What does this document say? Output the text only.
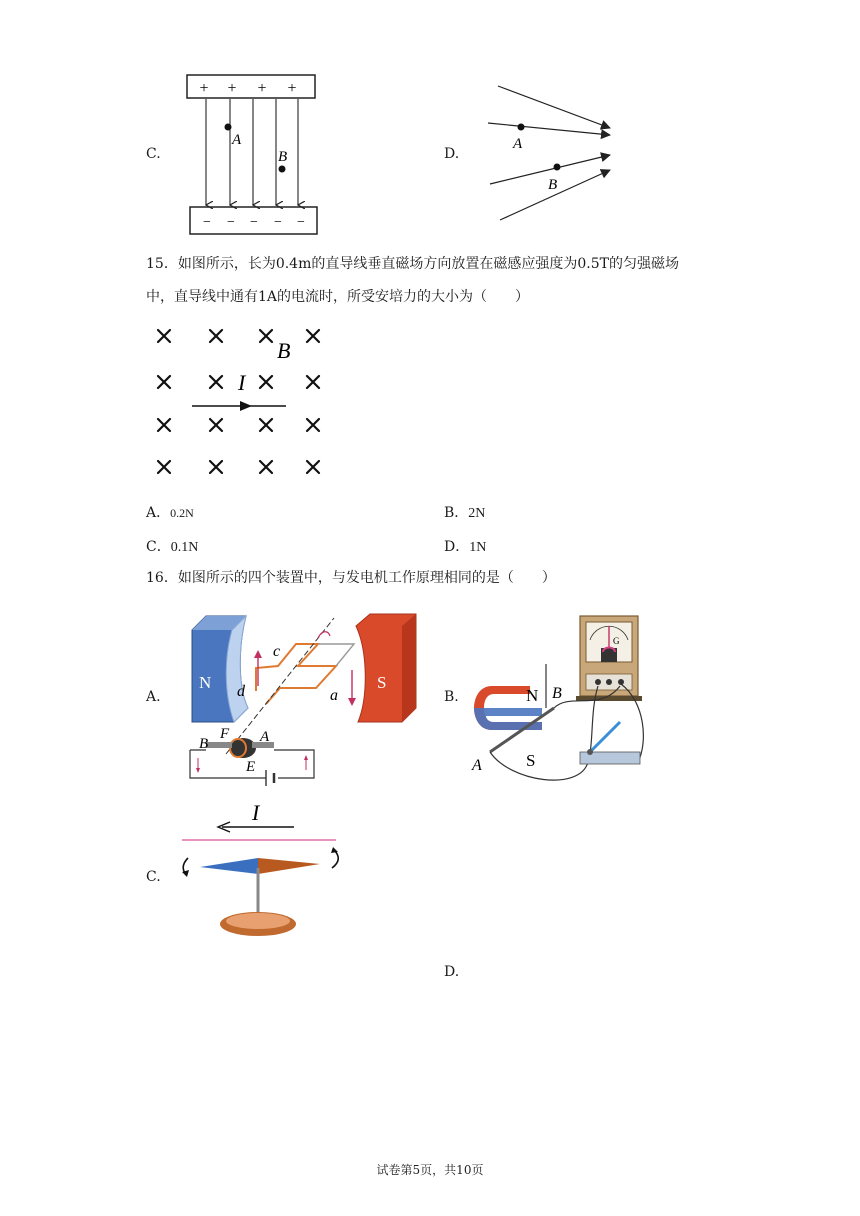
C.
+ + + +
− − − − −
A
B	D.
A
B
15．如图所示，长为0.4m的直导线垂直磁场方向放置在磁感应强度为0.5T的匀强磁场
中，直导线中通有1A的电流时，所受安培力的大小为（　　）
B
I
A．0.2N	B．2N
C．0.1N	D．1N
16．如图所示的四个装置中，与发电机工作原理相同的是（　　）
A.
N	S
c
d	a
F
B	A
E
B.
G
N B
A	S
C.
I
D.
试卷第5页，共10页
